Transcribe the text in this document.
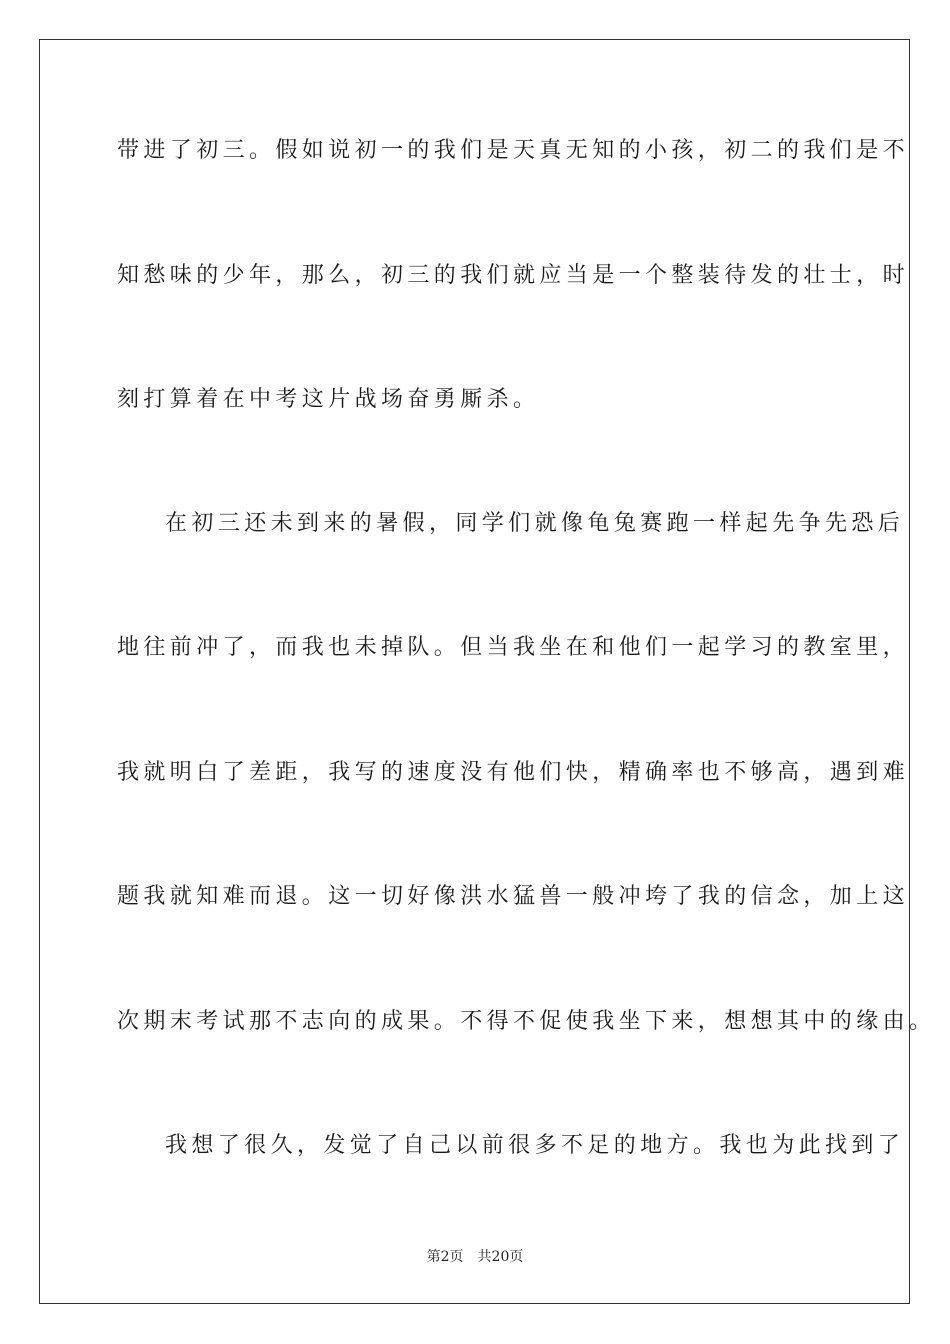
带进了初三。假如说初一的我们是天真无知的小孩，初二的我们是不
知愁味的少年，那么，初三的我们就应当是一个整装待发的壮士，时
刻打算着在中考这片战场奋勇厮杀。
在初三还未到来的暑假，同学们就像龟兔赛跑一样起先争先恐后
地往前冲了，而我也未掉队。但当我坐在和他们一起学习的教室里，
我就明白了差距，我写的速度没有他们快，精确率也不够高，遇到难
题我就知难而退。这一切好像洪水猛兽一般冲垮了我的信念，加上这
次期末考试那不志向的成果。不得不促使我坐下来，想想其中的缘由。
我想了很久，发觉了自己以前很多不足的地方。我也为此找到了
第2页 共20页
